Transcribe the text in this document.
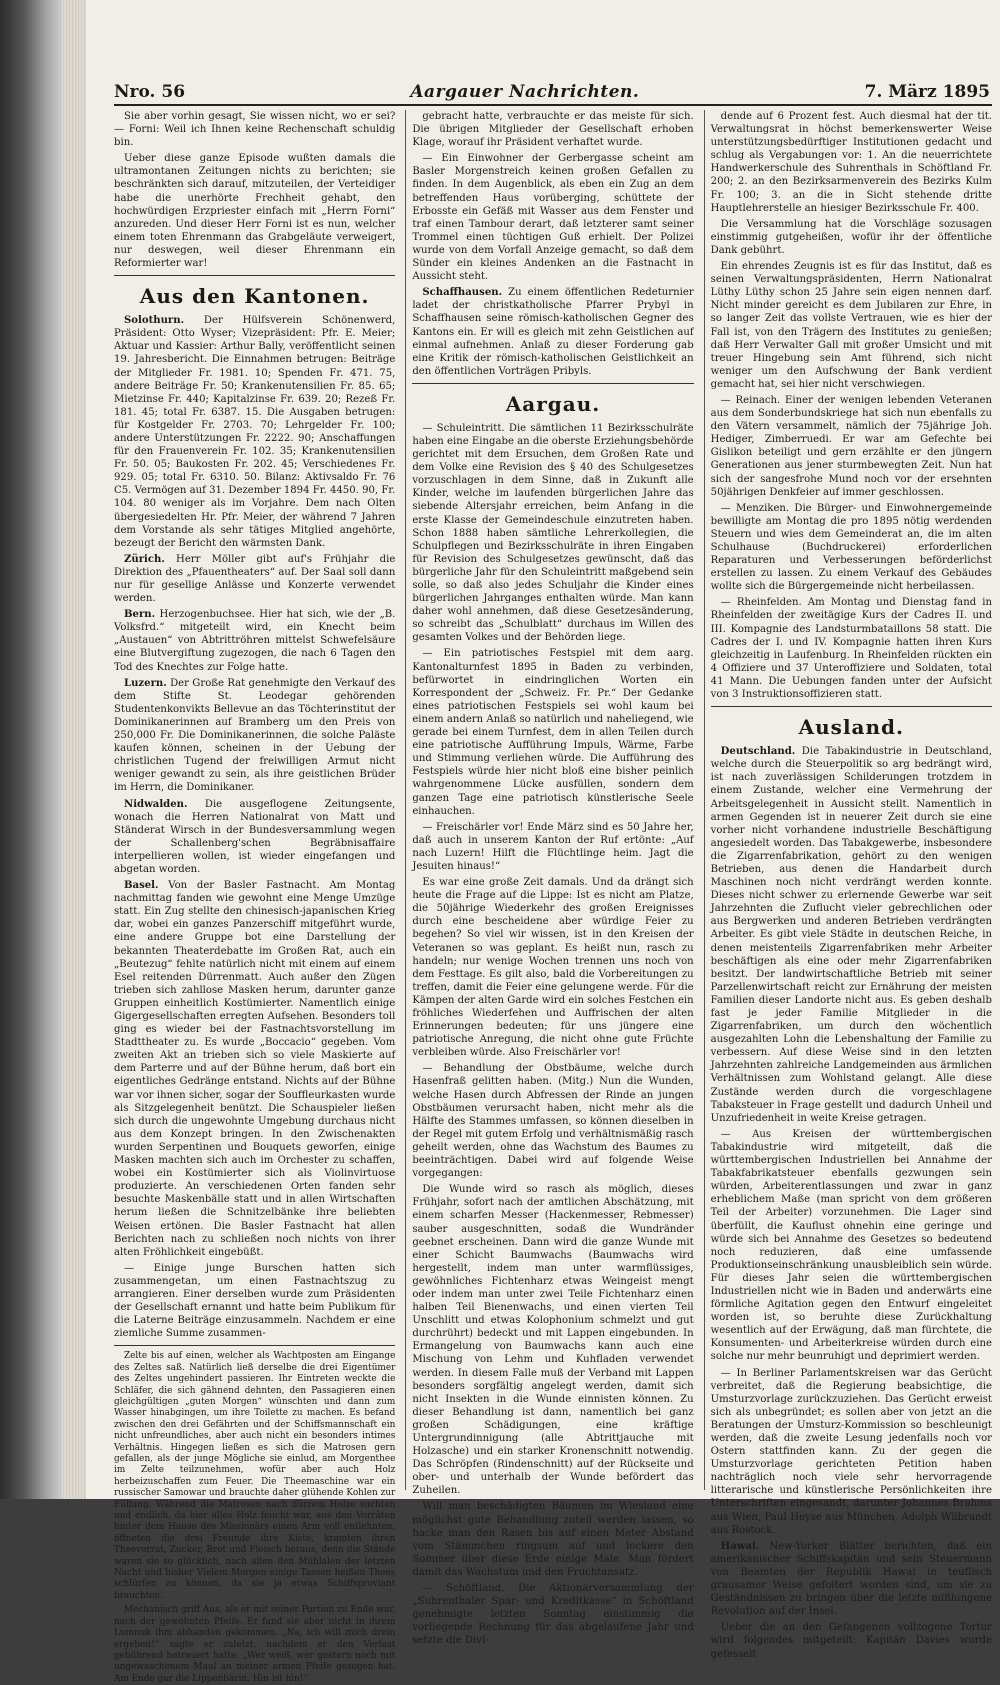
Nro. 56	Aargauer Nachrichten.	7. März 1895

Sie aber vorhin gesagt, Sie wissen nicht, wo er sei? — Forni: Weil ich Ihnen keine Rechenschaft schuldig bin.

Ueber diese ganze Episode wußten damals die ultramontanen Zeitungen nichts zu berichten; sie beschränkten sich darauf, mitzuteilen, der Verteidiger habe die unerhörte Frechheit gehabt, den hochwürdigen Erzpriester einfach mit „Herrn Forni“ anzureden. Und dieser Herr Forni ist es nun, welcher einem toten Ehrenmann das Grabgeläute verweigert, nur deswegen, weil dieser Ehrenmann ein Reformierter war!

Aus den Kantonen.

Solothurn. Der Hülfsverein Schönenwerd, Präsident: Otto Wyser; Vizepräsident: Pfr. E. Meier; Aktuar und Kassier: Arthur Bally, veröffentlicht seinen 19. Jahresbericht. Die Einnahmen betrugen: Beiträge der Mitglieder Fr. 1981. 10; Spenden Fr. 471. 75, andere Beiträge Fr. 50; Krankenutensilien Fr. 85. 65; Mietzinse Fr. 440; Kapitalzinse Fr. 639. 20; Rezeß Fr. 181. 45; total Fr. 6387. 15. Die Ausgaben betrugen: für Kostgelder Fr. 2703. 70; Lehrgelder Fr. 100; andere Unterstützungen Fr. 2222. 90; Anschaffungen für den Frauenverein Fr. 102. 35; Krankenutensilien Fr. 50. 05; Baukosten Fr. 202. 45; Verschiedenes Fr. 929. 05; total Fr. 6310. 50. Bilanz: Aktivsaldo Fr. 76 C5. Vermögen auf 31. Dezember 1894 Fr. 4450. 90, Fr. 104. 80 weniger als im Vorjahre. Dem nach Olten übergesiedelten Hr. Pfr. Meier, der während 7 Jahren dem Vorstande als sehr tätiges Mitglied angehörte, bezeugt der Bericht den wärmsten Dank.

Zürich. Herr Möller gibt auf's Frühjahr die Direktion des „Pfauentheaters“ auf. Der Saal soll dann nur für gesellige Anlässe und Konzerte verwendet werden.

Bern. Herzogenbuchsee. Hier hat sich, wie der „B. Volksfrd.“ mitgeteilt wird, ein Knecht beim „Austauen“ von Abtrittröhren mittelst Schwefelsäure eine Blutvergiftung zugezogen, die nach 6 Tagen den Tod des Knechtes zur Folge hatte.

Luzern. Der Große Rat genehmigte den Verkauf des dem Stifte St. Leodegar gehörenden Studentenkonvikts Bellevue an das Töchterinstitut der Dominikanerinnen auf Bramberg um den Preis von 250,000 Fr. Die Dominikanerinnen, die solche Paläste kaufen können, scheinen in der Uebung der christlichen Tugend der freiwilligen Armut nicht weniger gewandt zu sein, als ihre geistlichen Brüder im Herrn, die Dominikaner.

Nidwalden. Die ausgeflogene Zeitungsente, wonach die Herren Nationalrat von Matt und Ständerat Wirsch in der Bundesversammlung wegen der Schallenberg'schen Begräbnisaffaire interpellieren wollen, ist wieder eingefangen und abgetan worden.

Basel. Von der Basler Fastnacht. Am Montag nachmittag fanden wie gewohnt eine Menge Umzüge statt. Ein Zug stellte den chinesisch-japanischen Krieg dar, wobei ein ganzes Panzerschiff mitgeführt wurde, eine andere Gruppe bot eine Darstellung der bekannten Theaterdebatte im Großen Rat, auch ein „Beutezug“ fehlte natürlich nicht mit einem auf einem Esel reitenden Dürrenmatt. Auch außer den Zügen trieben sich zahllose Masken herum, darunter ganze Gruppen einheitlich Kostümierter. Namentlich einige Gigergesellschaften erregten Aufsehen. Besonders toll ging es wieder bei der Fastnachtsvorstellung im Stadttheater zu. Es wurde „Boccacio“ gegeben. Vom zweiten Akt an trieben sich so viele Maskierte auf dem Parterre und auf der Bühne herum, daß bort ein eigentliches Gedränge entstand. Nichts auf der Bühne war vor ihnen sicher, sogar der Souffleurkasten wurde als Sitzgelegenheit benützt. Die Schauspieler ließen sich durch die ungewohnte Umgebung durchaus nicht aus dem Konzept bringen. In den Zwischenakten wurden Serpentinen und Bouquets geworfen, einige Masken machten sich auch im Orchester zu schaffen, wobei ein Kostümierter sich als Violinvirtuose produzierte. An verschiedenen Orten fanden sehr besuchte Maskenbälle statt und in allen Wirtschaften herum ließen die Schnitzelbänke ihre beliebten Weisen ertönen. Die Basler Fastnacht hat allen Berichten nach zu schließen noch nichts von ihrer alten Fröhlichkeit eingebüßt.

— Einige junge Burschen hatten sich zusammengetan, um einen Fastnachtszug zu arrangieren. Einer derselben wurde zum Präsidenten der Gesellschaft ernannt und hatte beim Publikum für die Laterne Beiträge einzusammeln. Nachdem er eine ziemliche Summe zusammen-

Zelte bis auf einen, welcher als Wachtposten am Eingange des Zeltes saß. Natürlich ließ derselbe die drei Eigentümer des Zeltes ungehindert passieren. Ihr Eintreten weckte die Schläfer, die sich gähnend dehnten, den Passagieren einen gleichgültigen „guten Morgen“ wünschten und dann zum Wasser hinabgingen, um ihre Toilette zu machen. Es befand zwischen den drei Gefährten und der Schiffsmannschaft ein nicht unfreundliches, aber auch nicht ein besonders intimes Verhältnis. Hingegen ließen es sich die Matrosen gern gefallen, als der junge Mögliche sie einlud, am Morgenthee im Zelte teilzunehmen, wofür aber auch Holz herbeizuschaffen zum Feuer. Die Theemaschine war ein russischer Samowar und brauchte daher glühende Kohlen zur Füllung. Während die Matrosen nach dürrem Holze suchten und endlich, da hier alles Holz feucht war, aus den Vorräten hinter dem Hause des Missionärs einen Arm voll entlehnten, öffneten die drei Freunde ihre Kiste, kramten ihren Theevorrat, Zucker, Brot und Fleisch heraus, denn die Stände waren sie so glücklich, nach allen den Mühlalen der letzten Nacht und bisher Vielem Morgen einige Tassen heißen Thees schlürfen zu können, da sie ja etwas Schiffsproviant brauchten.

Mechanisch griff Aus, als er mit seiner Portion zu Ende war, nach der gewohnten Pfeife. Er fand sie aber nicht in ihrem Lumnuk ihm abhanden gekommen. „Na, ich will mich drein ergeben!“ sagte er zuletzt, nachdem er den Verlust gebührend betrauert hatte. „Wer weiß, wer gestern noch mit ungewaschenem Maul an meiner armen Pfeife gesogen hat. Am Ende gar die Lippenbärin. Hin ist hin!“

gebracht hatte, verbrauchte er das meiste für sich. Die übrigen Mitglieder der Gesellschaft erhoben Klage, worauf ihr Präsident verhaftet wurde.

— Ein Einwohner der Gerbergasse scheint am Basler Morgenstreich keinen großen Gefallen zu finden. In dem Augenblick, als eben ein Zug an dem betreffenden Haus vorüberging, schüttete der Erbosste ein Gefäß mit Wasser aus dem Fenster und traf einen Tambour derart, daß letzterer samt seiner Trommel einen tüchtigen Guß erhielt. Der Polizei wurde von dem Vorfall Anzeige gemacht, so daß dem Sünder ein kleines Andenken an die Fastnacht in Aussicht steht.

Schaffhausen. Zu einem öffentlichen Redeturnier ladet der christkatholische Pfarrer Prybyl in Schaffhausen seine römisch-katholischen Gegner des Kantons ein. Er will es gleich mit zehn Geistlichen auf einmal aufnehmen. Anlaß zu dieser Forderung gab eine Kritik der römisch-katholischen Geistlichkeit an den öffentlichen Vorträgen Pribyls.

Aargau.

— Schuleintritt. Die sämtlichen 11 Bezirksschulräte haben eine Eingabe an die oberste Erziehungsbehörde gerichtet mit dem Ersuchen, dem Großen Rate und dem Volke eine Revision des § 40 des Schulgesetzes vorzuschlagen in dem Sinne, daß in Zukunft alle Kinder, welche im laufenden bürgerlichen Jahre das siebende Altersjahr erreichen, beim Anfang in die erste Klasse der Gemeindeschule einzutreten haben. Schon 1888 haben sämtliche Lehrerkollegien, die Schulpflegen und Bezirksschulräte in ihren Eingaben für Revision des Schulgesetzes gewünscht, daß das bürgerliche Jahr für den Schuleintritt maßgebend sein solle, so daß also jedes Schuljahr die Kinder eines bürgerlichen Jahrganges enthalten würde. Man kann daher wohl annehmen, daß diese Gesetzesänderung, so schreibt das „Schulblatt“ durchaus im Willen des gesamten Volkes und der Behörden liege.

— Ein patriotisches Festspiel mit dem aarg. Kantonalturnfest 1895 in Baden zu verbinden, befürwortet in eindringlichen Worten ein Korrespondent der „Schweiz. Fr. Pr.“ Der Gedanke eines patriotischen Festspiels sei wohl kaum bei einem andern Anlaß so natürlich und naheliegend, wie gerade bei einem Turnfest, dem in allen Teilen durch eine patriotische Aufführung Impuls, Wärme, Farbe und Stimmung verliehen würde. Die Aufführung des Festspiels würde hier nicht bloß eine bisher peinlich wahrgenommene Lücke ausfüllen, sondern dem ganzen Tage eine patriotisch künstlerische Seele einhauchen.

— Freischärler vor! Ende März sind es 50 Jahre her, daß auch in unserem Kanton der Ruf ertönte: „Auf nach Luzern! Hilft die Flüchtlinge heim. Jagt die Jesuiten hinaus!“

Es war eine große Zeit damals. Und da drängt sich heute die Frage auf die Lippe: Ist es nicht am Platze, die 50jährige Wiederkehr des großen Ereignisses durch eine bescheidene aber würdige Feier zu begehen? So viel wir wissen, ist in den Kreisen der Veteranen so was geplant. Es heißt nun, rasch zu handeln; nur wenige Wochen trennen uns noch von dem Festtage. Es gilt also, bald die Vorbereitungen zu treffen, damit die Feier eine gelungene werde. Für die Kämpen der alten Garde wird ein solches Festchen ein fröhliches Wiederfehen und Auffrischen der alten Erinnerungen bedeuten; für uns jüngere eine patriotische Anregung, die nicht ohne gute Früchte verbleiben würde. Also Freischärler vor!

— Behandlung der Obstbäume, welche durch Hasenfraß gelitten haben. (Mitg.) Nun die Wunden, welche Hasen durch Abfressen der Rinde an jungen Obstbäumen verursacht haben, nicht mehr als die Hälfte des Stammes umfassen, so können dieselben in der Regel mit gutem Erfolg und verhältnismäßig rasch geheilt werden, ohne das Wachstum des Baumes zu beeinträchtigen. Dabei wird auf folgende Weise vorgegangen:

Die Wunde wird so rasch als möglich, dieses Frühjahr, sofort nach der amtlichen Abschätzung, mit einem scharfen Messer (Hackenmesser, Rebmesser) sauber ausgeschnitten, sodaß die Wundränder geebnet erscheinen. Dann wird die ganze Wunde mit einer Schicht Baumwachs (Baumwachs wird hergestellt, indem man unter warmflüssiges, gewöhnliches Fichtenharz etwas Weingeist mengt oder indem man unter zwei Teile Fichtenharz einen halben Teil Bienenwachs, und einen vierten Teil Unschlitt und etwas Kolophonium schmelzt und gut durchrührt) bedeckt und mit Lappen eingebunden. In Ermangelung von Baumwachs kann auch eine Mischung von Lehm und Kuhfladen verwendet werden. In diesem Falle muß der Verband mit Lappen besonders sorgfältig angelegt werden, damit sich nicht Insekten in die Wunde einnisten können. Zu dieser Behandlung ist dann, namentlich bei ganz großen Schädigungen, eine kräftige Untergrundinnigung (alle Abtrittjauche mit Holzasche) und ein starker Kronenschnitt notwendig. Das Schröpfen (Rindenschnitt) auf der Rückseite und ober- und unterhalb der Wunde befördert das Zuheilen.

Will man beschädigten Bäumen im Wiesland eine möglichst gute Behandlung zuteil werden lassen, so hacke man den Rasen bis auf einen Meter Abstand vom Stämmchen ringsum auf und lockere den Sommer über diese Erde einige Male. Man fördert damit das Wachstum und den Fruchtansatz.

— Schöftland. Die Aktionärversammlung der „Suhrenthaler Spar- und Kreditkasse“ in Schöftland genehmigte letzten Sonntag einstimmig die vorliegende Rechnung für das abgelaufene Jahr und setzte die Divi-

dende auf 6 Prozent fest. Auch diesmal hat der tit. Verwaltungsrat in höchst bemerkenswerter Weise unterstützungsbedürftiger Institutionen gedacht und schlug als Vergabungen vor: 1. An die neuerrichtete Handwerkerschule des Suhrenthals in Schöftland Fr. 200; 2. an den Bezirksarmenverein des Bezirks Kulm Fr. 100; 3. an die in Sicht stehende dritte Hauptlehrerstelle an hiesiger Bezirksschule Fr. 400.

Die Versammlung hat die Vorschläge sozusagen einstimmig gutgeheißen, wofür ihr der öffentliche Dank gebührt.

Ein ehrendes Zeugnis ist es für das Institut, daß es seinen Verwaltungspräsidenten, Herrn Nationalrat Lüthy Lüthy schon 25 Jahre sein eigen nennen darf. Nicht minder gereicht es dem Jubilaren zur Ehre, in so langer Zeit das vollste Vertrauen, wie es hier der Fall ist, von den Trägern des Institutes zu genießen; daß Herr Verwalter Gall mit großer Umsicht und mit treuer Hingebung sein Amt führend, sich nicht weniger um den Aufschwung der Bank verdient gemacht hat, sei hier nicht verschwiegen.

— Reinach. Einer der wenigen lebenden Veteranen aus dem Sonderbundskriege hat sich nun ebenfalls zu den Vätern versammelt, nämlich der 75jährige Joh. Hediger, Zimberruedi. Er war am Gefechte bei Gislikon beteiligt und gern erzählte er den jüngern Generationen aus jener sturmbewegten Zeit. Nun hat sich der sangesfrohe Mund noch vor der ersehnten 50jährigen Denkfeier auf immer geschlossen.

— Menziken. Die Bürger- und Einwohnergemeinde bewilligte am Montag die pro 1895 nötig werdenden Steuern und wies dem Gemeinderat an, die im alten Schulhause (Buchdruckerei) erforderlichen Reparaturen und Verbesserungen beförderlichst erstellen zu lassen. Zu einem Verkauf des Gebäudes wollte sich die Bürgergemeinde nicht herbeilassen.

— Rheinfelden. Am Montag und Dienstag fand in Rheinfelden der zweitägige Kurs der Cadres II. und III. Kompagnie des Landsturmbataillons 58 statt. Die Cadres der I. und IV. Kompagnie hatten ihren Kurs gleichzeitig in Laufenburg. In Rheinfelden rückten ein 4 Offiziere und 37 Unteroffiziere und Soldaten, total 41 Mann. Die Uebungen fanden unter der Aufsicht von 3 Instruktionsoffizieren statt.

Ausland.

Deutschland. Die Tabakindustrie in Deutschland, welche durch die Steuerpolitik so arg bedrängt wird, ist nach zuverlässigen Schilderungen trotzdem in einem Zustande, welcher eine Vermehrung der Arbeitsgelegenheit in Aussicht stellt. Namentlich in armen Gegenden ist in neuerer Zeit durch sie eine vorher nicht vorhandene industrielle Beschäftigung angesiedelt worden. Das Tabakgewerbe, insbesondere die Zigarrenfabrikation, gehört zu den wenigen Betrieben, aus denen die Handarbeit durch Maschinen noch nicht verdrängt werden konnte. Dieses nicht schwer zu erlernende Gewerbe war seit Jahrzehnten die Zuflucht vieler gebrechlichen oder aus Bergwerken und anderen Betrieben verdrängten Arbeiter. Es gibt viele Städte in deutschen Reiche, in denen meistenteils Zigarrenfabriken mehr Arbeiter beschäftigen als eine oder mehr Zigarrenfabriken besitzt. Der landwirtschaftliche Betrieb mit seiner Parzellenwirtschaft reicht zur Ernährung der meisten Familien dieser Landorte nicht aus. Es geben deshalb fast je jeder Familie Mitglieder in die Zigarrenfabriken, um durch den wöchentlich ausgezahlten Lohn die Lebenshaltung der Familie zu verbessern. Auf diese Weise sind in den letzten Jahrzehnten zahlreiche Landgemeinden aus ärmlichen Verhältnissen zum Wohlstand gelangt. Alle diese Zustände werden durch die vorgeschlagene Tabaksteuer in Frage gestellt und dadurch Unheil und Unzufriedenheit in weite Kreise getragen.

— Aus Kreisen der württembergischen Tabakindustrie wird mitgeteilt, daß die württembergischen Industriellen bei Annahme der Tabakfabrikatsteuer ebenfalls gezwungen sein würden, Arbeiterentlassungen und zwar in ganz erheblichem Maße (man spricht von dem größeren Teil der Arbeiter) vorzunehmen. Die Lager sind überfüllt, die Kauflust ohnehin eine geringe und würde sich bei Annahme des Gesetzes so bedeutend noch reduzieren, daß eine umfassende Produktionseinschränkung unausbleiblich sein würde. Für dieses Jahr seien die württembergischen Industriellen nicht wie in Baden und anderwärts eine förmliche Agitation gegen den Entwurf eingeleitet worden ist, so beruhte diese Zurückhaltung wesentlich auf der Erwägung, daß man fürchtete, die Konsumenten- und Arbeiterkreise würden durch eine solche nur mehr beunruhigt und deprimiert werden.

— In Berliner Parlamentskreisen war das Gerücht verbreitet, daß die Regierung beabsichtige, die Umsturzvorlage zurückzuziehen. Das Gerücht erweist sich als unbegründet; es sollen aber von jetzt an die Beratungen der Umsturz-Kommission so beschleunigt werden, daß die zweite Lesung jedenfalls noch vor Ostern stattfinden kann. Zu der gegen die Umsturzvorlage gerichteten Petition haben nachträglich noch viele sehr hervorragende litterarische und künstlerische Persönlichkeiten ihre Unterschriften eingesandt, darunter Johannes Brahms aus Wien, Paul Heyse aus München, Adolph Wilbrandt aus Rostock.

Hawai. New-Yorker Blätter berichten, daß ein amerikanischer Schiffskapitän und sein Steuermann von Beamten der Republik Hawai in teuflisch grausamer Weise gefoltert worden sind, um sie zu Geständnissen zu bringen über die letzte mißlungene Revolution auf der Insel.

Ueber die an den Gefangenen vollzogene Tortur wird folgendes mitgeteilt: Kapitän Davies wurde gefesselt
